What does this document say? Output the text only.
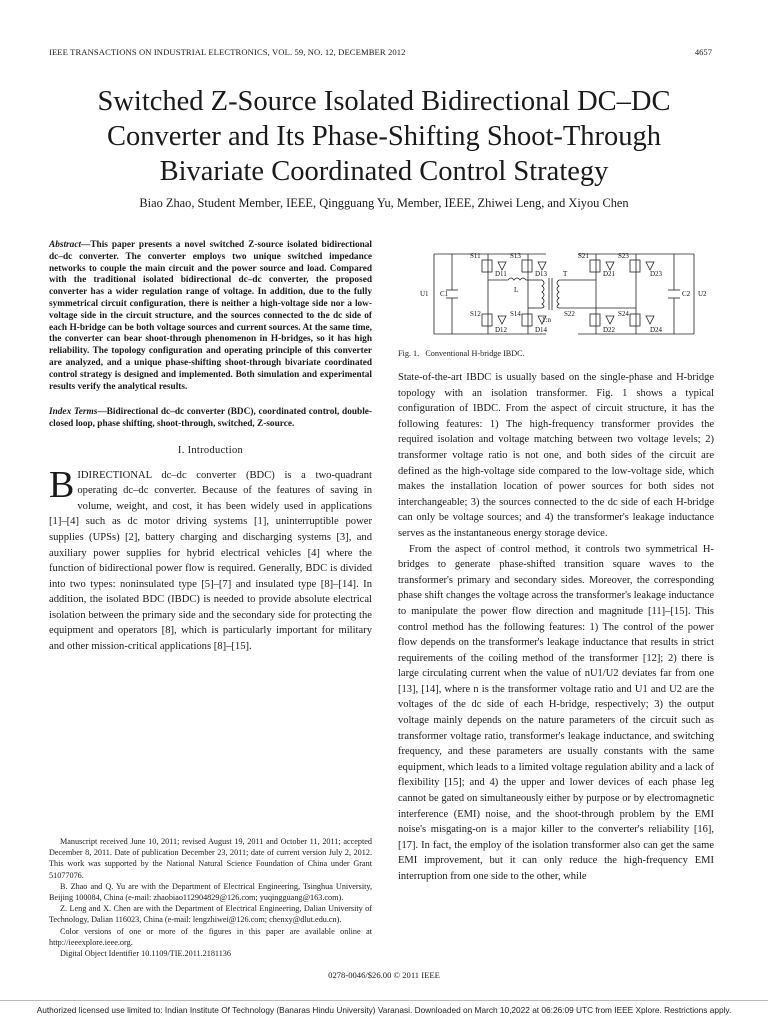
IEEE TRANSACTIONS ON INDUSTRIAL ELECTRONICS, VOL. 59, NO. 12, DECEMBER 2012	4657
Switched Z-Source Isolated Bidirectional DC–DC
Converter and Its Phase-Shifting Shoot-Through
Bivariate Coordinated Control Strategy
Biao Zhao, Student Member, IEEE, Qingguang Yu, Member, IEEE, Zhiwei Leng, and Xiyou Chen

Abstract—This paper presents a novel switched Z-source isolated bidirectional dc–dc converter. The converter employs two unique switched impedance networks to couple the main circuit and the power source and load. Compared with the traditional isolated bidirectional dc–dc converter, the proposed converter has a wider regulation range of voltage. In addition, due to the fully symmetrical circuit configuration, there is neither a high-voltage side nor a low-voltage side in the circuit structure, and the sources connected to the dc side of each H-bridge can be both voltage sources and current sources. At the same time, the converter can bear shoot-through phenomenon in H-bridges, so it has high reliability. The topology configuration and operating principle of this converter are analyzed, and a unique phase-shifting shoot-through bivariate coordinated control strategy is designed and implemented. Both simulation and experimental results verify the analytical results.

Index Terms—Bidirectional dc–dc converter (BDC), coordinated control, double-closed loop, phase shifting, shoot-through, switched, Z-source.

I. Introduction

BIDIRECTIONAL dc–dc converter (BDC) is a two-quadrant operating dc–dc converter. Because of the features of saving in volume, weight, and cost, it has been widely used in applications [1]–[4] such as dc motor driving systems [1], uninterruptible power supplies (UPSs) [2], battery charging and discharging systems [3], and auxiliary power supplies for hybrid electrical vehicles [4] where the function of bidirectional power flow is required. Generally, BDC is divided into two types: noninsulated type [5]–[7] and insulated type [8]–[14]. In addition, the isolated BDC (IBDC) is needed to provide absolute electrical isolation between the primary side and the secondary side for protecting the equipment and operators [8], which is particularly important for military and other mission-critical applications [8]–[15].

Manuscript received June 10, 2011; revised August 19, 2011 and October 11, 2011; accepted December 8, 2011. Date of publication December 23, 2011; date of current version July 2, 2012. This work was supported by the National Natural Science Foundation of China under Grant 51077076.

B. Zhao and Q. Yu are with the Department of Electrical Engineering, Tsinghua University, Beijing 100084, China (e-mail: zhaobiao112904829@126.com; yuqingguang@163.com).

Z. Leng and X. Chen are with the Department of Electrical Engineering, Dalian University of Technology, Dalian 116023, China (e-mail: lengzhiwei@126.com; chenxy@dlut.edu.cn).

Color versions of one or more of the figures in this paper are available online at http://ieeexplore.ieee.org.

Digital Object Identifier 10.1109/TIE.2011.2181136

S11	S13	S21	S23
S12	S14	S22	S24
D11	D13	D21	D23
D12	D14	D22	D24
U1 C1	C2 U2
L
T
1:n
Fig. 1. Conventional H-bridge IBDC.

State-of-the-art IBDC is usually based on the single-phase and H-bridge topology with an isolation transformer. Fig. 1 shows a typical configuration of IBDC. From the aspect of circuit structure, it has the following features: 1) The high-frequency transformer provides the required isolation and voltage matching between two voltage levels; 2) transformer voltage ratio is not one, and both sides of the circuit are defined as the high-voltage side compared to the low-voltage side, which makes the installation location of power sources for both sides not interchangeable; 3) the sources connected to the dc side of each H-bridge can only be voltage sources; and 4) the transformer's leakage inductance serves as the instantaneous energy storage device.

From the aspect of control method, it controls two symmetrical H-bridges to generate phase-shifted transition square waves to the transformer's primary and secondary sides. Moreover, the corresponding phase shift changes the voltage across the transformer's leakage inductance to manipulate the power flow direction and magnitude [11]–[15]. This control method has the following features: 1) The control of the power flow depends on the transformer's leakage inductance that results in strict requirements of the coiling method of the transformer [12]; 2) there is large circulating current when the value of nU1/U2 deviates far from one [13], [14], where n is the transformer voltage ratio and U1 and U2 are the voltages of the dc side of each H-bridge, respectively; 3) the output voltage mainly depends on the nature parameters of the circuit such as transformer voltage ratio, transformer's leakage inductance, and switching frequency, and these parameters are usually constants with the same equipment, which leads to a limited voltage regulation ability and a lack of flexibility [15]; and 4) the upper and lower devices of each phase leg cannot be gated on simultaneously either by purpose or by electromagnetic interference (EMI) noise, and the shoot-through problem by the EMI noise's misgating-on is a major killer to the converter's reliability [16], [17]. In fact, the employ of the isolation transformer also can get the same EMI improvement, but it can only reduce the high-frequency EMI interruption from one side to the other, while

0278-0046/$26.00 © 2011 IEEE
Authorized licensed use limited to: Indian Institute Of Technology (Banaras Hindu University) Varanasi. Downloaded on March 10,2022 at 06:26:09 UTC from IEEE Xplore. Restrictions apply.
